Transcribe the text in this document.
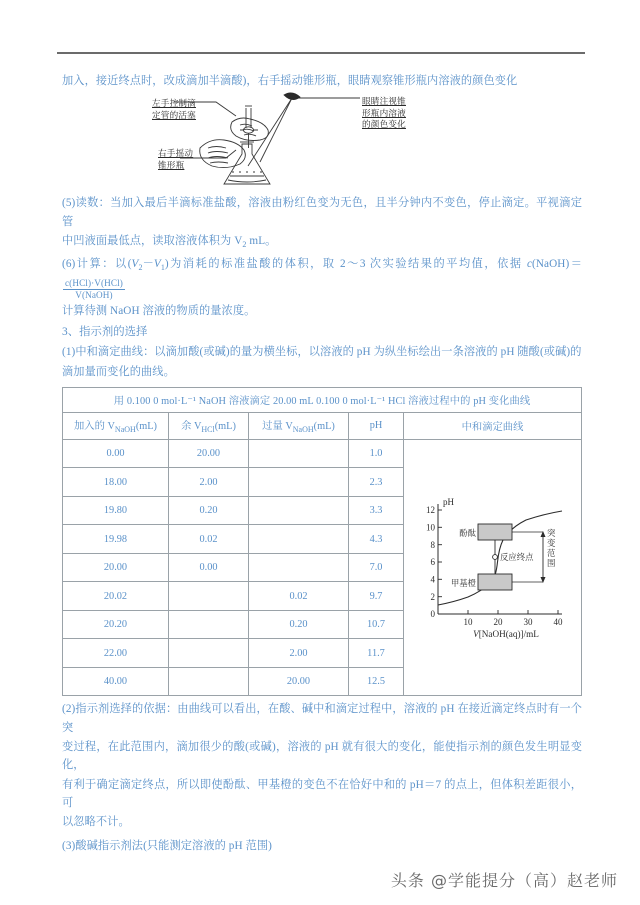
加入，接近终点时，改成滴加半滴酸)，右手摇动锥形瓶，眼睛观察锥形瓶内溶液的颜色变化

左手控制滴
定管的活塞
右手摇动
锥形瓶
眼睛注视锥
形瓶内溶液
的颜色变化

(5)读数：当加入最后半滴标准盐酸，溶液由粉红色变为无色，且半分钟内不变色，停止滴定。平视滴定管

中凹液面最低点，读取溶液体积为 $V_2$ mL。

(6)计算：以$(V_2-V_1)$为消耗的标准盐酸的体积，取 2～3 次实验结果的平均值，依据 c(NaOH)＝
$\frac{\text{c(HCl)·V(HCl)}}{\text{V(NaOH)}}$

计算待测 NaOH 溶液的物质的量浓度。

3、指示剂的选择

(1)中和滴定曲线：以滴加酸(或碱)的量为横坐标，以溶液的 pH 为纵坐标绘出一条溶液的 pH 随酸(或碱)的

滴加量而变化的曲线。

用 0.100 0 mol·L⁻¹ NaOH 溶液滴定 20.00 mL 0.100 0 mol·L⁻¹ HCl 溶液过程中的 pH 变化曲线				
加入的 $V_{NaOH}(mL)$	余 $V_{HCl}(mL)$	过量 $V_{NaOH}(mL)$	pH	中和滴定曲线
0.00	20.00		1.0	
0
2
4
6
8
10
12
10 20 30 40
pH
V[NaOH(aq)]/mL
酚酞
甲基橙
反应终点
突
变
范
围

18.00	2.00		2.3	
19.80	0.20		3.3	
19.98	0.02		4.3	
20.00	0.00		7.0	
20.02		0.02	9.7	
20.20		0.20	10.7	
22.00		2.00	11.7	
40.00		20.00	12.5	

(2)指示剂选择的依据：由曲线可以看出，在酸、碱中和滴定过程中，溶液的 pH 在接近滴定终点时有一个突

变过程，在此范围内，滴加很少的酸(或碱)，溶液的 pH 就有很大的变化，能使指示剂的颜色发生明显变化，

有利于确定滴定终点，所以即使酚酞、甲基橙的变色不在恰好中和的 pH＝7 的点上，但体积差距很小，可

以忽略不计。

(3)酸碱指示剂法(只能测定溶液的 pH 范围)

头条 @学能提分（高）赵老师
